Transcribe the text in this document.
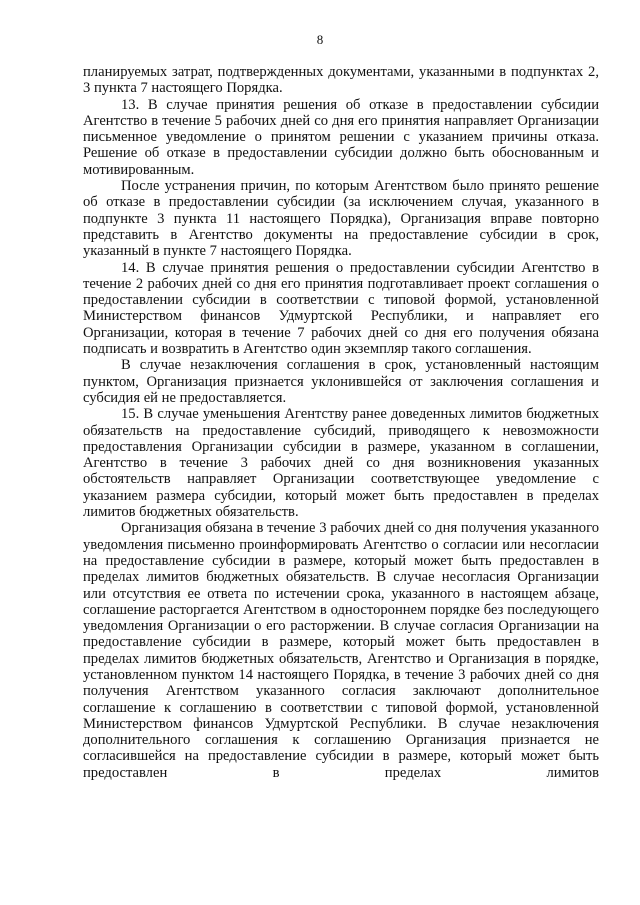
8

планируемых затрат, подтвержденных документами, указанными в подпунктах 2, 3 пункта 7 настоящего Порядка.

13. В случае принятия решения об отказе в предоставлении субсидии Агентство в течение 5 рабочих дней со дня его принятия направляет Организации письменное уведомление о принятом решении с указанием причины отказа. Решение об отказе в предоставлении субсидии должно быть обоснованным и мотивированным.

После устранения причин, по которым Агентством было принято решение об отказе в предоставлении субсидии (за исключением случая, указанного в подпункте 3 пункта 11 настоящего Порядка), Организация вправе повторно представить в Агентство документы на предоставление субсидии в срок, указанный в пункте 7 настоящего Порядка.

14. В случае принятия решения о предоставлении субсидии Агентство в течение 2 рабочих дней со дня его принятия подготавливает проект соглашения о предоставлении субсидии в соответствии с типовой формой, установленной Министерством финансов Удмуртской Республики, и направляет его Организации, которая в течение 7 рабочих дней со дня его получения обязана подписать и возвратить в Агентство один экземпляр такого соглашения.

В случае незаключения соглашения в срок, установленный настоящим пунктом, Организация признается уклонившейся от заключения соглашения и субсидия ей не предоставляется.

15. В случае уменьшения Агентству ранее доведенных лимитов бюджетных обязательств на предоставление субсидий, приводящего к невозможности предоставления Организации субсидии в размере, указанном в соглашении, Агентство в течение 3 рабочих дней со дня возникновения указанных обстоятельств направляет Организации соответствующее уведомление с указанием размера субсидии, который может быть предоставлен в пределах лимитов бюджетных обязательств.

Организация обязана в течение 3 рабочих дней со дня получения указанного уведомления письменно проинформировать Агентство о согласии или несогласии на предоставление субсидии в размере, который может быть предоставлен в пределах лимитов бюджетных обязательств. В случае несогласия Организации или отсутствия ее ответа по истечении срока, указанного в настоящем абзаце, соглашение расторгается Агентством в одностороннем порядке без последующего уведомления Организации о его расторжении. В случае согласия Организации на предоставление субсидии в размере, который может быть предоставлен в пределах лимитов бюджетных обязательств, Агентство и Организация в порядке, установленном пунктом 14 настоящего Порядка, в течение 3 рабочих дней со дня получения Агентством указанного согласия заключают дополнительное соглашение к соглашению в соответствии с типовой формой, установленной Министерством финансов Удмуртской Республики. В случае незаключения дополнительного соглашения к соглашению Организация признается не согласившейся на предоставление субсидии в размере, который может быть предоставлен в пределах лимитов
